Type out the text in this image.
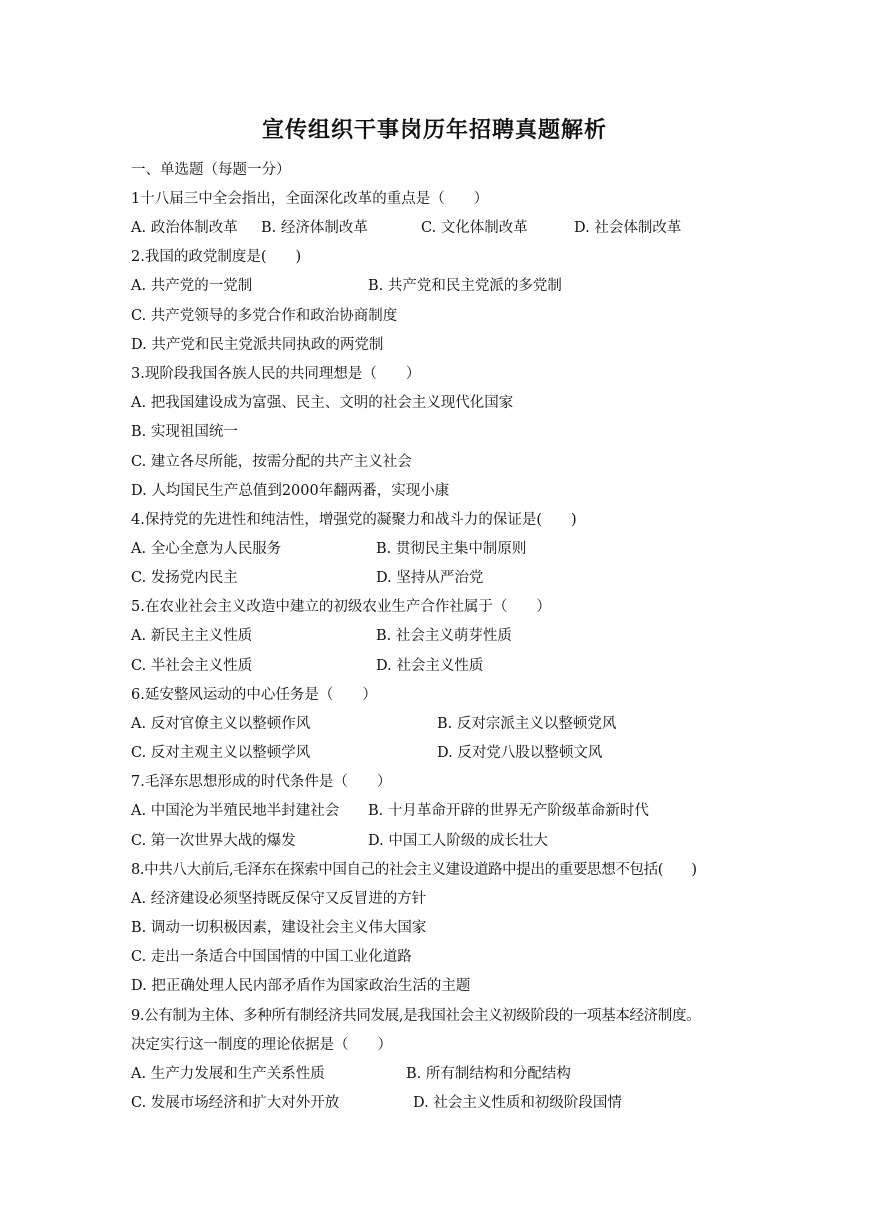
宣传组织干事岗历年招聘真题解析
一、单选题（每题一分）
1十八届三中全会指出，全面深化改革的重点是（　　）
A. 政治体制改革 B. 经济体制改革	C. 文化体制改革	D. 社会体制改革
2.我国的政党制度是(　　)
A. 共产党的一党制	B. 共产党和民主党派的多党制
C. 共产党领导的多党合作和政治协商制度
D. 共产党和民主党派共同执政的两党制
3.现阶段我国各族人民的共同理想是（　　）
A. 把我国建设成为富强、民主、文明的社会主义现代化国家
B. 实现祖国统一
C. 建立各尽所能，按需分配的共产主义社会
D. 人均国民生产总值到2000年翻两番，实现小康
4.保持党的先进性和纯洁性，增强党的凝聚力和战斗力的保证是(　　)
A. 全心全意为人民服务	B. 贯彻民主集中制原则
C. 发扬党内民主	D. 坚持从严治党
5.在农业社会主义改造中建立的初级农业生产合作社属于（　　）
A. 新民主主义性质	B. 社会主义萌芽性质
C. 半社会主义性质	D. 社会主义性质
6.延安整风运动的中心任务是（　　）
A. 反对官僚主义以整顿作风	B. 反对宗派主义以整顿党风
C. 反对主观主义以整顿学风	D. 反对党八股以整顿文风
7.毛泽东思想形成的时代条件是（　　）
A. 中国沦为半殖民地半封建社会 B. 十月革命开辟的世界无产阶级革命新时代
C. 第一次世界大战的爆发	D. 中国工人阶级的成长壮大
8.中共八大前后,毛泽东在探索中国自己的社会主义建设道路中提出的重要思想不包括(　　)
A. 经济建设必须坚持既反保守又反冒进的方针
B. 调动一切积极因素，建设社会主义伟大国家
C. 走出一条适合中国国情的中国工业化道路
D. 把正确处理人民内部矛盾作为国家政治生活的主题
9.公有制为主体、多种所有制经济共同发展,是我国社会主义初级阶段的一项基本经济制度。
决定实行这一制度的理论依据是（　　）
A. 生产力发展和生产关系性质	B. 所有制结构和分配结构
C. 发展市场经济和扩大对外开放	D. 社会主义性质和初级阶段国情
